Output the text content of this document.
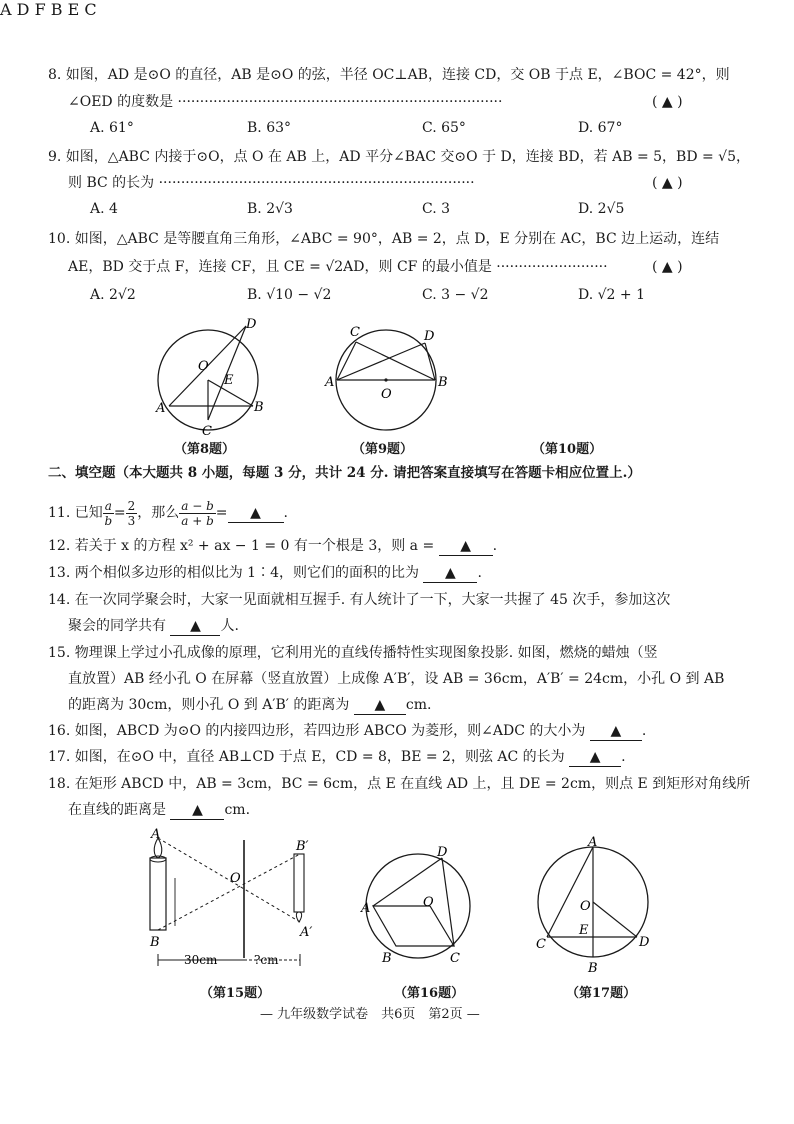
8. 如图，AD 是⊙O 的直径，AB 是⊙O 的弦，半径 OC⊥AB，连接 CD，交 OB 于点 E，∠BOC = 42°，则
∠OED 的度数是 ·········································································	( ▲ )
A. 61°	B. 63°	C. 65°	D. 67°
9. 如图，△ABC 内接于⊙O，点 O 在 AB 上，AD 平分∠BAC 交⊙O 于 D，连接 BD，若 AB = 5，BD = √5，
则 BC 的长为 ·······································································	( ▲ )
A. 4	B. 2√3	C. 3	D. 2√5
10. 如图，△ABC 是等腰直角三角形，∠ABC = 90°，AB = 2，点 D，E 分别在 AC，BC 边上运动，连结
AE，BD 交于点 F，连接 CF，且 CE = √2AD，则 CF 的最小值是 ·························	( ▲ )
A. 2√2	B. √10 − √2	C. 3 − √2	D. √2 + 1
O
D
E
A	B
C
（第8题）
C	D
A	B
O
（第9题）
A D F B E C
（第10题）
二、填空题（本大题共 8 小题，每题 3 分，共计 24 分. 请把答案直接填写在答题卡相应位置上.）
11. 已知 $\frac{a}{b} = \frac{2}{3}$ ，那么 $\frac{a - b}{a + b}$ =	▲	.
12. 若关于 x 的方程 x² + ax − 1 = 0 有一个根是 3，则 a = ▲ .
13. 两个相似多边形的相似比为 1∶4，则它们的面积的比为 ▲ .
14. 在一次同学聚会时，大家一见面就相互握手. 有人统计了一下，大家一共握了 45 次手，参加这次
聚会的同学共有 ▲ 人.
15. 物理课上学过小孔成像的原理，它利用光的直线传播特性实现图象投影. 如图，燃烧的蜡烛（竖
直放置）AB 经小孔 O 在屏幕（竖直放置）上成像 A′B′，设 AB = 36cm，A′B′ = 24cm，小孔 O 到 AB
的距离为 30cm，则小孔 O 到 A′B′ 的距离为 ▲ cm.
16. 如图，ABCD 为⊙O 的内接四边形，若四边形 ABCO 为菱形，则∠ADC 的大小为 ▲ .
17. 如图，在⊙O 中，直径 AB⊥CD 于点 E，CD = 8，BE = 2，则弦 AC 的长为 ▲ .
18. 在矩形 ABCD 中，AB = 3cm，BC = 6cm，点 E 在直线 AD 上，且 DE = 2cm，则点 E 到矩形对角线所
在直线的距离是 ▲ cm.
A
B
O
B′
A′
30cm	?cm
（第15题）
D
A	O
B	C
（第16题）
A
O
E
C	D
B
（第17题）
— 九年级数学试卷　共6页　第2页 —
